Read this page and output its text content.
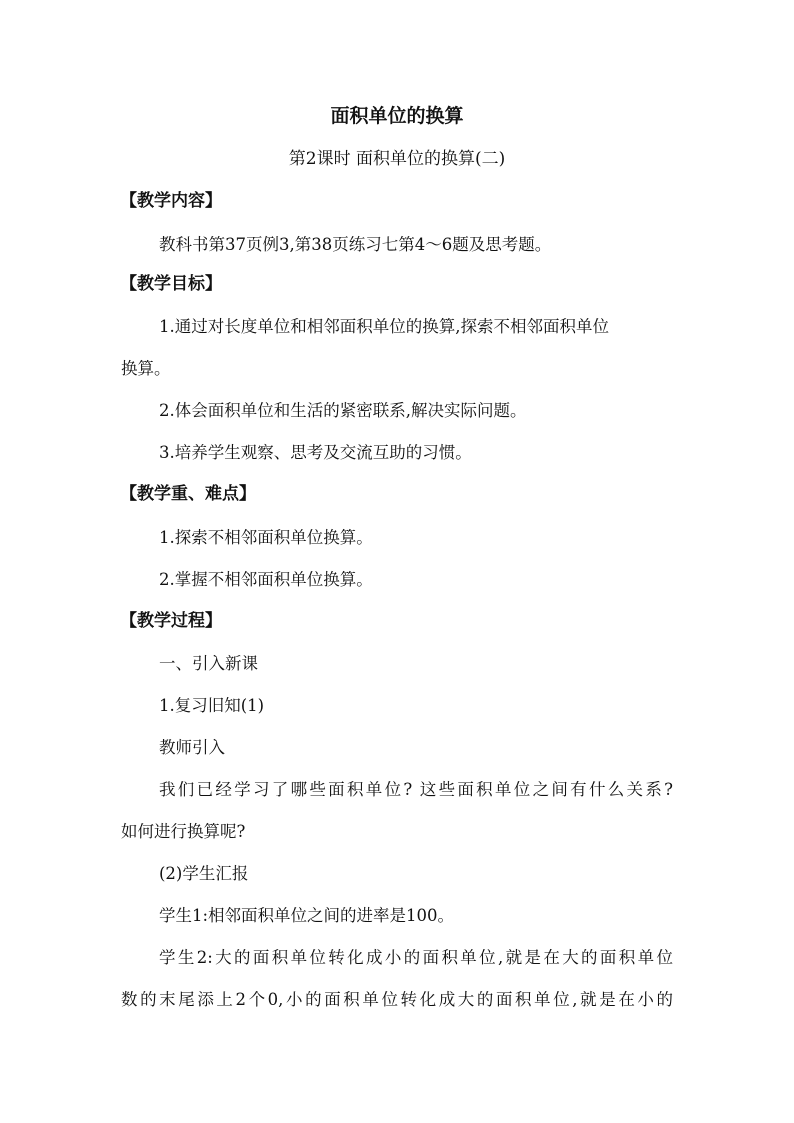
面积单位的换算
第2课时 面积单位的换算(二)
【教学内容】
教科书第37页例3,第38页练习七第4～6题及思考题。
【教学目标】
1.通过对长度单位和相邻面积单位的换算,探索不相邻面积单位
换算。
2.体会面积单位和生活的紧密联系,解决实际问题。
3.培养学生观察、思考及交流互助的习惯。
【教学重、难点】
1.探索不相邻面积单位换算。
2.掌握不相邻面积单位换算。
【教学过程】
一、引入新课
1.复习旧知(1)
教师引入
我们已经学习了哪些面积单位? 这些面积单位之间有什么关系?
如何进行换算呢?
(2)学生汇报
学生1:相邻面积单位之间的进率是100。
学生2:大的面积单位转化成小的面积单位,就是在大的面积单位
数的末尾添上2个0,小的面积单位转化成大的面积单位,就是在小的
